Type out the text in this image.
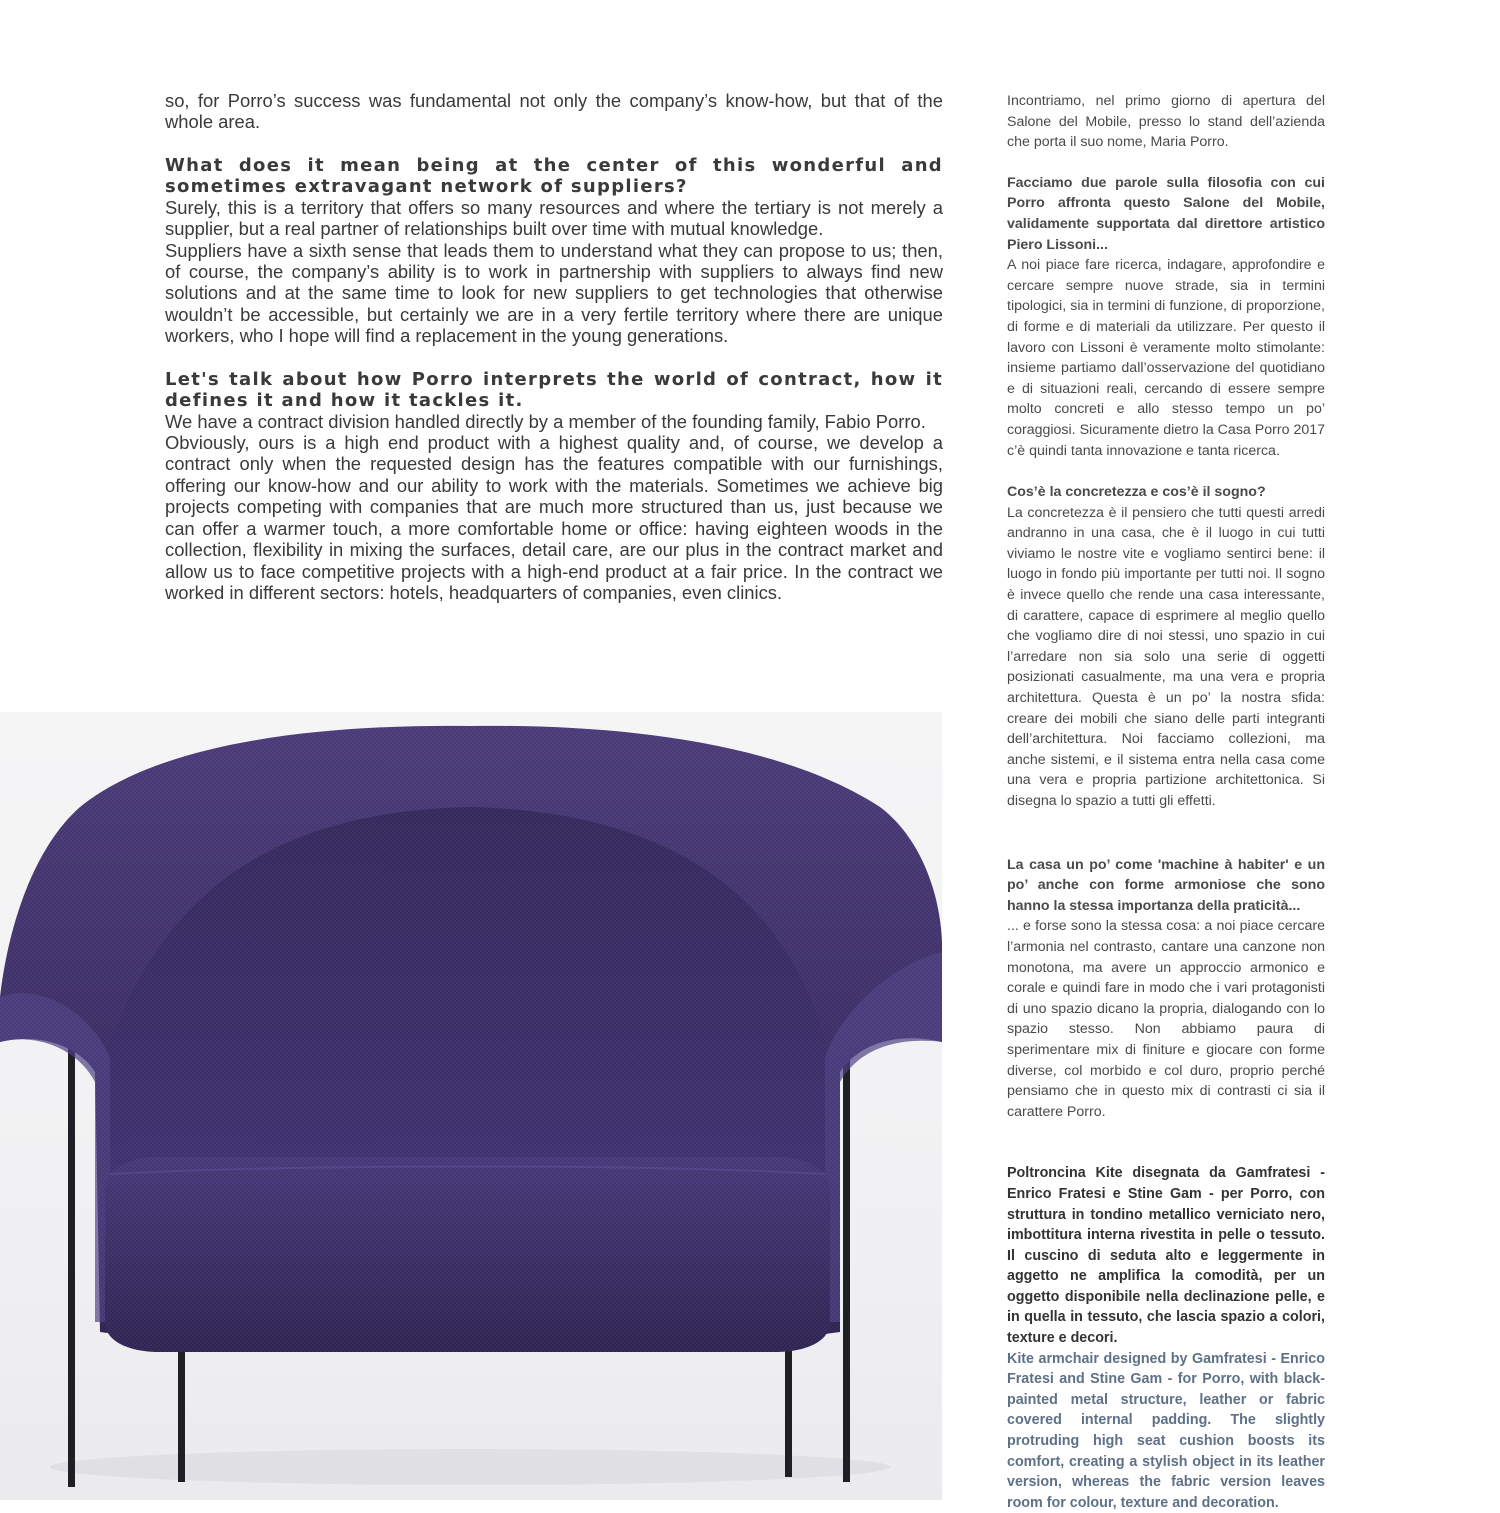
so, for Porro’s success was fundamental not only the company’s know-how, but that of the whole area.

What does it mean being at the center of this wonderful and sometimes extravagant network of suppliers?

Surely, this is a territory that offers so many resources and where the tertiary is not merely a supplier, but a real partner of relationships built over time with mutual knowledge.

Suppliers have a sixth sense that leads them to understand what they can propose to us; then, of course, the company’s ability is to work in partnership with suppliers to always find new solutions and at the same time to look for new suppliers to get technologies that otherwise wouldn’t be accessible, but certainly we are in a very fertile territory where there are unique workers, who I hope will find a replacement in the young generations.

Let's talk about how Porro interprets the world of contract, how it defines it and how it tackles it.

We have a contract division handled directly by a member of the founding family, Fabio Porro.

Obviously, ours is a high end product with a highest quality and, of course, we develop a contract only when the requested design has the features compatible with our furnishings, offering our know-how and our ability to work with the materials. Sometimes we achieve big projects competing with companies that are much more structured than us, just because we can offer a warmer touch, a more comfortable home or office: having eighteen woods in the collection, flexibility in mixing the surfaces, detail care, are our plus in the contract market and allow us to face competitive projects with a high-end product at a fair price. In the contract we worked in different sectors: hotels, headquarters of companies, even clinics.

Incontriamo, nel primo giorno di apertura del Salone del Mobile, presso lo stand dell’azienda che porta il suo nome, Maria Porro.

Facciamo due parole sulla filosofia con cui Porro affronta questo Salone del Mobile, validamente supportata dal direttore artistico Piero Lissoni...

A noi piace fare ricerca, indagare, approfondire e cercare sempre nuove strade, sia in termini tipologici, sia in termini di funzione, di proporzione, di forme e di materiali da utilizzare. Per questo il lavoro con Lissoni è veramente molto stimolante: insieme partiamo dall’osservazione del quotidiano e di situazioni reali, cercando di essere sempre molto concreti e allo stesso tempo un po’ coraggiosi. Sicuramente dietro la Casa Porro 2017 c’è quindi tanta innovazione e tanta ricerca.

Cos’è la concretezza e cos’è il sogno?

La concretezza è il pensiero che tutti questi arredi andranno in una casa, che è il luogo in cui tutti viviamo le nostre vite e vogliamo sentirci bene: il luogo in fondo più importante per tutti noi. Il sogno è invece quello che rende una casa interessante, di carattere, capace di esprimere al meglio quello che vogliamo dire di noi stessi, uno spazio in cui l’arredare non sia solo una serie di oggetti posizionati casualmente, ma una vera e propria architettura. Questa è un po’ la nostra sfida: creare dei mobili che siano delle parti integranti dell’architettura. Noi facciamo collezioni, ma anche sistemi, e il sistema entra nella casa come una vera e propria partizione architettonica. Si disegna lo spazio a tutti gli effetti.

La casa un po’ come 'machine à habiter' e un po’ anche con forme armoniose che sono hanno la stessa importanza della praticità...

... e forse sono la stessa cosa: a noi piace cercare l’armonia nel contrasto, cantare una canzone non monotona, ma avere un approccio armonico e corale e quindi fare in modo che i vari protagonisti di uno spazio dicano la propria, dialogando con lo spazio stesso. Non abbiamo paura di sperimentare mix di finiture e giocare con forme diverse, col morbido e col duro, proprio perché pensiamo che in questo mix di contrasti ci sia il carattere Porro.

Poltroncina Kite disegnata da Gamfratesi - Enrico Fratesi e Stine Gam - per Porro, con struttura in tondino metallico verniciato nero, imbottitura interna rivestita in pelle o tessuto. Il cuscino di seduta alto e leggermente in aggetto ne amplifica la comodità, per un oggetto disponibile nella declinazione pelle, e in quella in tessuto, che lascia spazio a colori, texture e decori.

Kite armchair designed by Gamfratesi - Enrico Fratesi and Stine Gam - for Porro, with black-painted metal structure, leather or fabric covered internal padding. The slightly protruding high seat cushion boosts its comfort, creating a stylish object in its leather version, whereas the fabric version leaves room for colour, texture and decoration.
